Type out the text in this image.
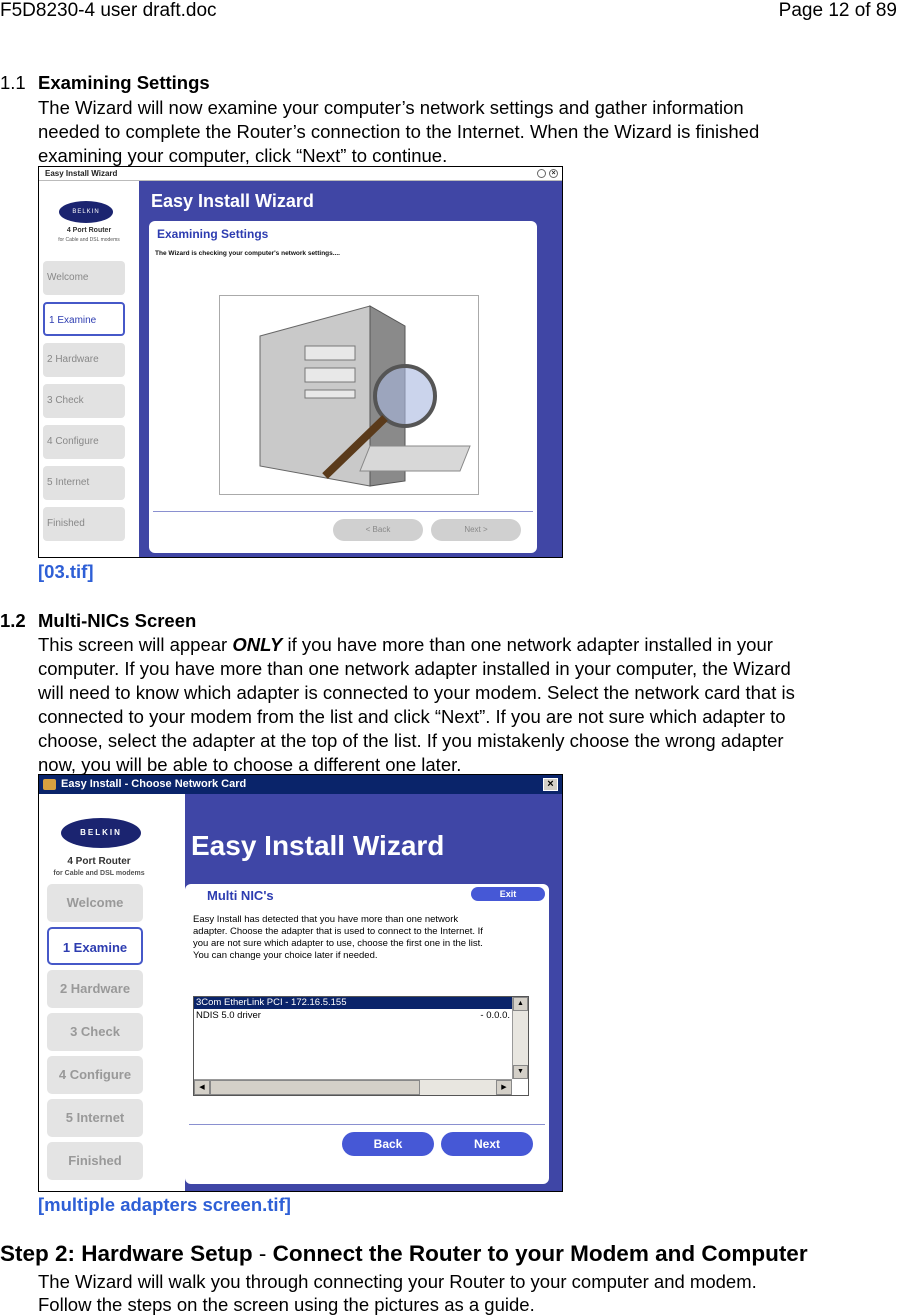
F5D8230-4 user draft.doc	Page 12 of 89
1.1 Examining Settings
The Wizard will now examine your computer’s network settings and gather information
needed to complete the Router’s connection to the Internet. When the Wizard is finished
examining your computer, click “Next” to continue.
Easy Install Wizard	×
BELKIN
4 Port Router
for Cable and DSL modems
Welcome
1 Examine
2 Hardware
3 Check
4 Configure
5 Internet
Finished
Easy Install Wizard
Examining Settings
The Wizard is checking your computer's network settings....
< Back	Next >
[03.tif]
1.2 Multi-NICs Screen
This screen will appear ONLY if you have more than one network adapter installed in your
computer. If you have more than one network adapter installed in your computer, the Wizard
will need to know which adapter is connected to your modem. Select the network card that is
connected to your modem from the list and click “Next”. If you are not sure which adapter to
choose, select the adapter at the top of the list. If you mistakenly choose the wrong adapter
now, you will be able to choose a different one later.
Easy Install - Choose Network Card	×
BELKIN
4 Port Router
for Cable and DSL modems
Welcome
1 Examine
2 Hardware
3 Check
4 Configure
5 Internet
Finished
Easy Install Wizard
Multi NIC's	Exit
Easy Install has detected that you have more than one network
adapter. Choose the adapter that is used to connect to the Internet. If
you are not sure which adapter to use, choose the first one in the list.
You can change your choice later if needed.
3Com EtherLink PCI - 172.16.5.155
NDIS 5.0 driver	- 0.0.0.
▲
▼
◀	▶
Back	Next
[multiple adapters screen.tif]
Step 2: Hardware Setup - Connect the Router to your Modem and Computer
The Wizard will walk you through connecting your Router to your computer and modem.
Follow the steps on the screen using the pictures as a guide.
